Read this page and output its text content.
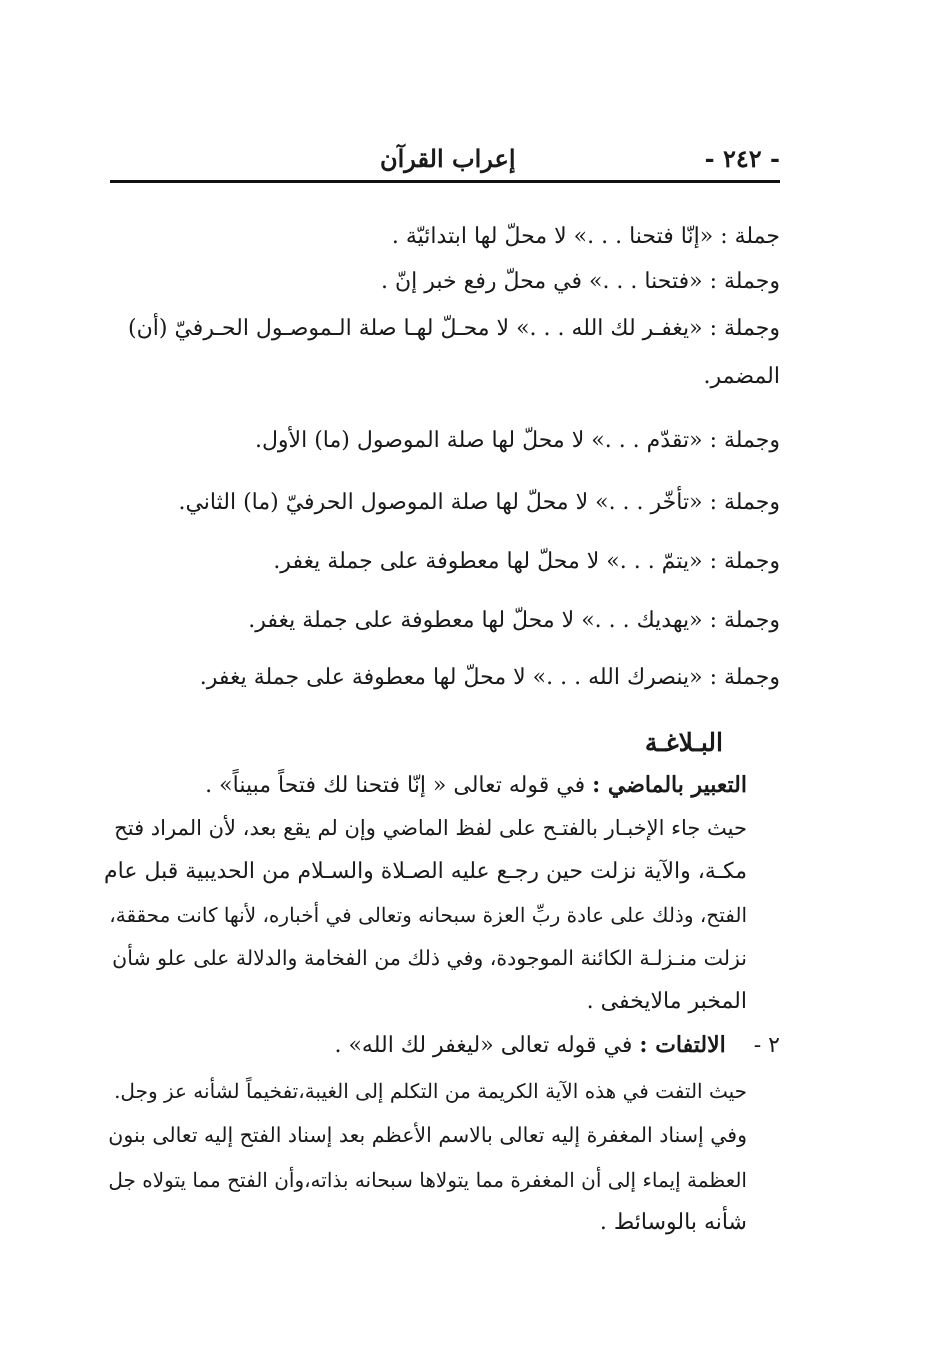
إعراب القرآن	- ٢٤٢ -
جملة : «إنّا فتحنا . . .» لا محلّ لها ابتدائيّة .
وجملة : «فتحنا . . .» في محلّ رفع خبر إنّ .
وجملة : «يغفـر لك الله . . .» لا محـلّ لهـا صلة الـموصـول الحـرفيّ (أن)
المضمر.
وجملة : «تقدّم . . .» لا محلّ لها صلة الموصول (ما) الأول.
وجملة : «تأخّر . . .» لا محلّ لها صلة الموصول الحرفيّ (ما) الثاني.
وجملة : «يتمّ . . .» لا محلّ لها معطوفة على جملة يغفر.
وجملة : «يهديك . . .» لا محلّ لها معطوفة على جملة يغفر.
وجملة : «ينصرك الله . . .» لا محلّ لها معطوفة على جملة يغفر.
البـلاغـة
التعبير بالماضي : في قوله تعالى « إنّا فتحنا لك فتحاً مبيناً» .
حيث جاء الإخبـار بالفتـح على لفظ الماضي وإن لم يقع بعد، لأن المراد فتح
مكـة، والآية نزلت حين رجـع عليه الصـلاة والسـلام من الحديبية قبل عام
الفتح، وذلك على عادة ربِّ العزة سبحانه وتعالى في أخباره، لأنها كانت محققة،
نزلت منـزلـة الكائنة الموجودة، وفي ذلك من الفخامة والدلالة على علو شأن
المخبر مالايخفى .
٢ -    الالتفات : في قوله تعالى «ليغفر لك الله» .
حيث التفت في هذه الآية الكريمة من التكلم إلى الغيبة،تفخيماً لشأنه عز وجل.
وفي إسناد المغفرة إليه تعالى بالاسم الأعظم بعد إسناد الفتح إليه تعالى بنون
العظمة إيماء إلى أن المغفرة مما يتولاها سبحانه بذاته،وأن الفتح مما يتولاه جل
شأنه بالوسائط .
